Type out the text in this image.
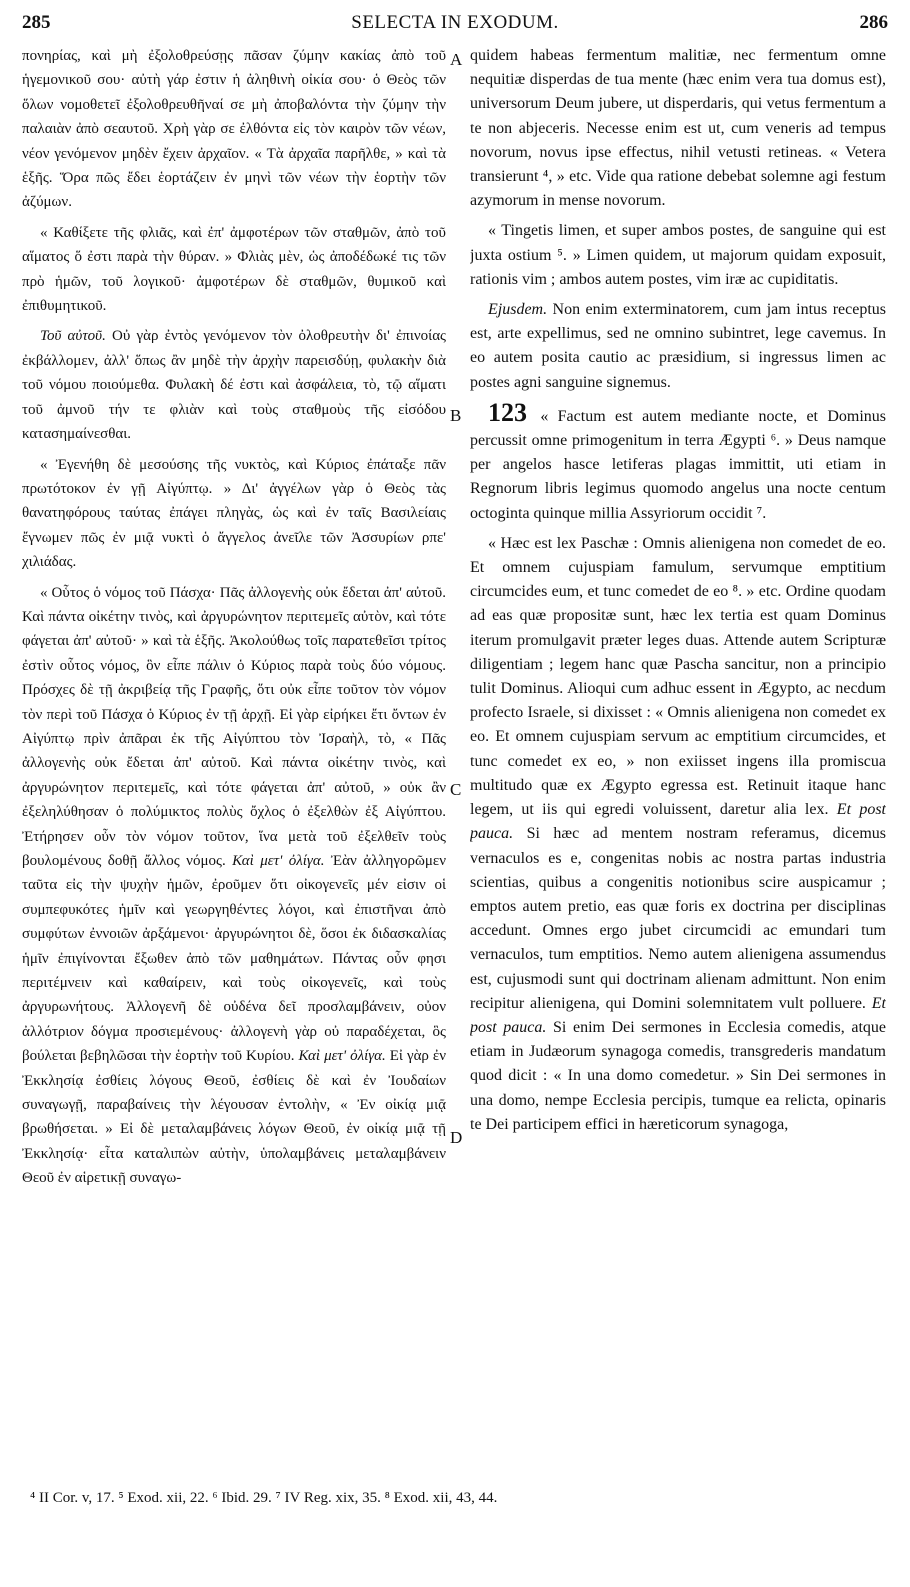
285	SELECTA IN EXODUM.	286

πονηρίας, καὶ μὴ ἐξολοθρεύσῃς πᾶσαν ζύμην κακίας ἀπὸ τοῦ ἡγεμονικοῦ σου· αὐτὴ γάρ ἐστιν ἡ ἀληθινὴ οἰκία σου· ὁ Θεὸς τῶν ὅλων νομοθετεῖ ἐξολοθρευθῆναί σε μὴ ἀποβαλόντα τὴν ζύμην τὴν παλαιὰν ἀπὸ σεαυτοῦ. Χρὴ γὰρ σε ἐλθόντα εἰς τὸν καιρὸν τῶν νέων, νέον γενόμενον μηδὲν ἔχειν ἀρχαῖον. « Τὰ ἀρχαῖα παρῆλθε, » καὶ τὰ ἑξῆς. Ὅρα πῶς ἔδει ἑορτάζειν ἐν μηνὶ τῶν νέων τὴν ἑορτὴν τῶν ἀζύμων.

« Καθίξετε τῆς φλιᾶς, καὶ ἐπ' ἀμφοτέρων τῶν σταθμῶν, ἀπὸ τοῦ αἵματος ὅ ἐστι παρὰ τὴν θύραν. » Φλιὰς μὲν, ὡς ἀποδέδωκέ τις τῶν πρὸ ἡμῶν, τοῦ λογικοῦ· ἀμφοτέρων δὲ σταθμῶν, θυμικοῦ καὶ ἐπιθυμητικοῦ.

Τοῦ αὐτοῦ. Οὐ γὰρ ἐντὸς γενόμενον τὸν ὀλοθρευτὴν δι' ἐπινοίας ἐκβάλλομεν, ἀλλ' ὅπως ἂν μηδὲ τὴν ἀρχὴν παρεισδύῃ, φυλακὴν διὰ τοῦ νόμου ποιούμεθα. Φυλακὴ δέ ἐστι καὶ ἀσφάλεια, τὸ, τῷ αἵματι τοῦ ἀμνοῦ τήν τε φλιὰν καὶ τοὺς σταθμοὺς τῆς εἰσόδου κατασημαίνεσθαι.

« Ἐγενήθη δὲ μεσούσης τῆς νυκτὸς, καὶ Κύριος ἐπάταξε πᾶν πρωτότοκον ἐν γῇ Αἰγύπτῳ. » Δι' ἀγγέλων γὰρ ὁ Θεὸς τὰς θανατηφόρους ταύτας ἐπάγει πληγὰς, ὡς καὶ ἐν ταῖς Βασιλείαις ἔγνωμεν πῶς ἐν μιᾷ νυκτὶ ὁ ἄγγελος ἀνεῖλε τῶν Ἀσσυρίων ρπε' χιλιάδας.

« Οὗτος ὁ νόμος τοῦ Πάσχα· Πᾶς ἀλλογενὴς οὐκ ἔδεται ἀπ' αὐτοῦ. Καὶ πάντα οἰκέτην τινὸς, καὶ ἀργυρώνητον περιτεμεῖς αὐτὸν, καὶ τότε φάγεται ἀπ' αὐτοῦ· » καὶ τὰ ἑξῆς. Ἀκολούθως τοῖς παρατεθεῖσι τρίτος ἐστὶν οὗτος νόμος, ὃν εἶπε πάλιν ὁ Κύριος παρὰ τοὺς δύο νόμους. Πρόσχες δὲ τῇ ἀκριβείᾳ τῆς Γραφῆς, ὅτι οὐκ εἶπε τοῦτον τὸν νόμον τὸν περὶ τοῦ Πάσχα ὁ Κύριος ἐν τῇ ἀρχῇ. Εἰ γὰρ εἰρήκει ἔτι ὄντων ἐν Αἰγύπτῳ πρὶν ἀπᾶραι ἐκ τῆς Αἰγύπτου τὸν Ἰσραὴλ, τὸ, « Πᾶς ἀλλογενὴς οὐκ ἔδεται ἀπ' αὐτοῦ. Καὶ πάντα οἰκέτην τινὸς, καὶ ἀργυρώνητον περιτεμεῖς, καὶ τότε φάγεται ἀπ' αὐτοῦ, » οὐκ ἂν ἐξεληλύθησαν ὁ πολύμικτος πολὺς ὄχλος ὁ ἐξελθὼν ἐξ Αἰγύπτου. Ἐτήρησεν οὖν τὸν νόμον τοῦτον, ἵνα μετὰ τοῦ ἐξελθεῖν τοὺς βουλομένους δοθῇ ἄλλος νόμος. Καὶ μετ' ὀλίγα. Ἐὰν ἀλληγορῶμεν ταῦτα εἰς τὴν ψυχὴν ἡμῶν, ἐροῦμεν ὅτι οἰκογενεῖς μέν εἰσιν οἱ συμπεφυκότες ἡμῖν καὶ γεωργηθέντες λόγοι, καὶ ἐπιστῆναι ἀπὸ συμφύτων ἐννοιῶν ἀρξάμενοι· ἀργυρώνητοι δὲ, ὅσοι ἐκ διδασκαλίας ἡμῖν ἐπιγίνονται ἔξωθεν ἀπὸ τῶν μαθημάτων. Πάντας οὖν φησι περιτέμνειν καὶ καθαίρειν, καὶ τοὺς οἰκογενεῖς, καὶ τοὺς ἀργυρωνήτους. Ἀλλογενῆ δὲ οὐδένα δεῖ προσλαμβάνειν, οὐον ἀλλότριον δόγμα προσιεμένους· ἀλλογενὴ γὰρ οὐ παραδέχεται, ὃς βούλεται βεβηλῶσαι τὴν ἑορτὴν τοῦ Κυρίου. Καὶ μετ' ὀλίγα. Εἰ γὰρ ἐν Ἐκκλησίᾳ ἐσθίεις λόγους Θεοῦ, ἐσθίεις δὲ καὶ ἐν Ἰουδαίων συναγωγῇ, παραβαίνεις τὴν λέγουσαν ἐντολὴν, « Ἐν οἰκίᾳ μιᾷ βρωθήσεται. » Εἰ δὲ μεταλαμβάνεις λόγων Θεοῦ, ἐν οἰκίᾳ μιᾷ τῇ Ἐκκλησίᾳ· εἶτα καταλιπὼν αὐτὴν, ὑπολαμβάνεις μεταλαμβάνειν Θεοῦ ἐν αἱρετικῇ συναγω-

A
B
C
D

quidem habeas fermentum malitiæ, nec fermentum omne nequitiæ disperdas de tua mente (hæc enim vera tua domus est), universorum Deum jubere, ut disperdaris, qui vetus fermentum a te non abjeceris. Necesse enim est ut, cum veneris ad tempus novorum, novus ipse effectus, nihil vetusti retineas. « Vetera transierunt ⁴, » etc. Vide qua ratione debebat solemne agi festum azymorum in mense novorum.

« Tingetis limen, et super ambos postes, de sanguine qui est juxta ostium ⁵. » Limen quidem, ut majorum quidam exposuit, rationis vim ; ambos autem postes, vim iræ ac cupiditatis.

Ejusdem. Non enim exterminatorem, cum jam intus receptus est, arte expellimus, sed ne omnino subintret, lege cavemus. In eo autem posita cautio ac præsidium, si ingressus limen ac postes agni sanguine signemus.

123 « Factum est autem mediante nocte, et Dominus percussit omne primogenitum in terra Ægypti ⁶. » Deus namque per angelos hasce letiferas plagas immittit, uti etiam in Regnorum libris legimus quomodo angelus una nocte centum octoginta quinque millia Assyriorum occidit ⁷.

« Hæc est lex Paschæ : Omnis alienigena non comedet de eo. Et omnem cujuspiam famulum, servumque emptitium circumcides eum, et tunc comedet de eo ⁸. » etc. Ordine quodam ad eas quæ propositæ sunt, hæc lex tertia est quam Dominus iterum promulgavit præter leges duas. Attende autem Scripturæ diligentiam ; legem hanc quæ Pascha sancitur, non a principio tulit Dominus. Alioqui cum adhuc essent in Ægypto, ac necdum profecto Israele, si dixisset : « Omnis alienigena non comedet ex eo. Et omnem cujuspiam servum ac emptitium circumcides, et tunc comedet ex eo, » non exiisset ingens illa promiscua multitudo quæ ex Ægypto egressa est. Retinuit itaque hanc legem, ut iis qui egredi voluissent, daretur alia lex. Et post pauca. Si hæc ad mentem nostram referamus, dicemus vernaculos es e, congenitas nobis ac nostra partas industria scientias, quibus a congenitis notionibus scire auspicamur ; emptos autem pretio, eas quæ foris ex doctrina per disciplinas accedunt. Omnes ergo jubet circumcidi ac emundari tum vernaculos, tum emptitios. Nemo autem alienigena assumendus est, cujusmodi sunt qui doctrinam alienam admittunt. Non enim recipitur alienigena, qui Domini solemnitatem vult polluere. Et post pauca. Si enim Dei sermones in Ecclesia comedis, atque etiam in Judæorum synagoga comedis, transgrederis mandatum quod dicit : « In una domo comedetur. » Sin Dei sermones in una domo, nempe Ecclesia percipis, tumque ea relicta, opinaris te Dei participem effici in hæreticorum synagoga,

⁴ II Cor. v, 17. ⁵ Exod. xii, 22. ⁶ Ibid. 29. ⁷ IV Reg. xix, 35. ⁸ Exod. xii, 43, 44.
